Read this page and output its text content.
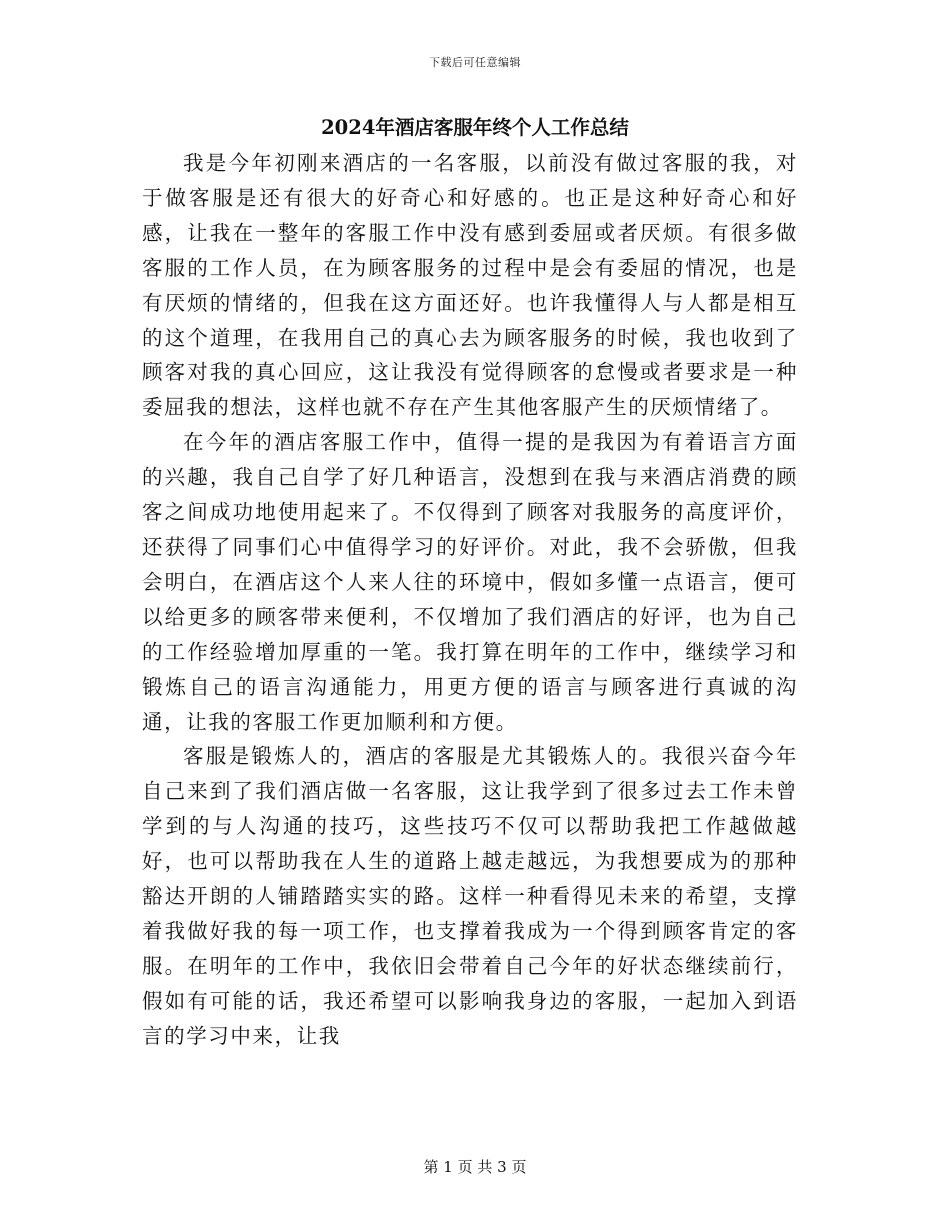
下载后可任意编辑
2024年酒店客服年终个人工作总结

我是今年初刚来酒店的一名客服，以前没有做过客服的我，对于做客服是还有很大的好奇心和好感的。也正是这种好奇心和好感，让我在一整年的客服工作中没有感到委屈或者厌烦。有很多做客服的工作人员，在为顾客服务的过程中是会有委屈的情况，也是有厌烦的情绪的，但我在这方面还好。也许我懂得人与人都是相互的这个道理，在我用自己的真心去为顾客服务的时候，我也收到了顾客对我的真心回应，这让我没有觉得顾客的怠慢或者要求是一种委屈我的想法，这样也就不存在产生其他客服产生的厌烦情绪了。

在今年的酒店客服工作中，值得一提的是我因为有着语言方面的兴趣，我自己自学了好几种语言，没想到在我与来酒店消费的顾客之间成功地使用起来了。不仅得到了顾客对我服务的高度评价，还获得了同事们心中值得学习的好评价。对此，我不会骄傲，但我会明白，在酒店这个人来人往的环境中，假如多懂一点语言，便可以给更多的顾客带来便利，不仅增加了我们酒店的好评，也为自己的工作经验增加厚重的一笔。我打算在明年的工作中，继续学习和锻炼自己的语言沟通能力，用更方便的语言与顾客进行真诚的沟通，让我的客服工作更加顺利和方便。

客服是锻炼人的，酒店的客服是尤其锻炼人的。我很兴奋今年自己来到了我们酒店做一名客服，这让我学到了很多过去工作未曾学到的与人沟通的技巧，这些技巧不仅可以帮助我把工作越做越好，也可以帮助我在人生的道路上越走越远，为我想要成为的那种豁达开朗的人铺踏踏实实的路。这样一种看得见未来的希望，支撑着我做好我的每一项工作，也支撑着我成为一个得到顾客肯定的客服。在明年的工作中，我依旧会带着自己今年的好状态继续前行，假如有可能的话，我还希望可以影响我身边的客服，一起加入到语言的学习中来，让我

第 1 页 共 3 页
